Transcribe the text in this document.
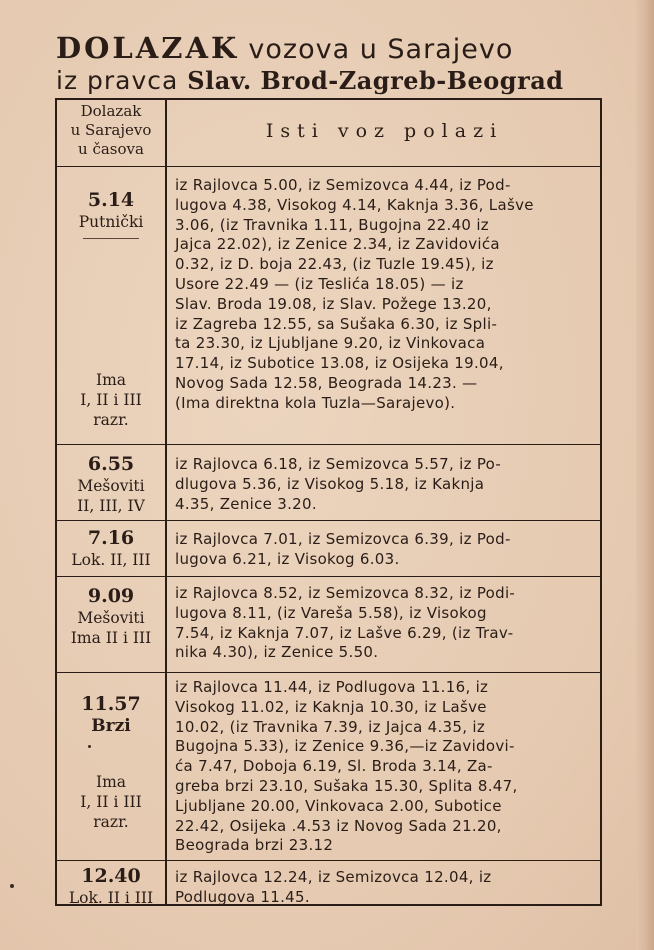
DOLAZAK vozova u Sarajevo
iz pravca Slav. Brod-Zagreb-Beograd
Dolazak
u Sarajevo
u časova
Isti voz polazi
5.14
Putnički
Ima
I, II i III
razr.
iz Rajlovca 5.00, iz Semizovca 4.44, iz Pod-
lugova 4.38, Visokog 4.14, Kaknja 3.36, Lašve
3.06, (iz Travnika 1.11, Bugojna 22.40 iz
Jajca 22.02), iz Zenice 2.34, iz Zavidovića
0.32, iz D. boja 22.43, (iz Tuzle 19.45), iz
Usore 22.49 — (iz Teslića 18.05) — iz
Slav. Broda 19.08, iz Slav. Požege 13.20,
iz Zagreba 12.55, sa Sušaka 6.30, iz Spli-
ta 23.30, iz Ljubljane 9.20, iz Vinkovaca
17.14, iz Subotice 13.08, iz Osijeka 19.04,
Novog Sada 12.58, Beograda 14.23. —
(Ima direktna kola Tuzla—Sarajevo).
6.55
Mešoviti
II, III, IV
iz Rajlovca 6.18, iz Semizovca 5.57, iz Po-
dlugova 5.36, iz Visokog 5.18, iz Kaknja
4.35, Zenice 3.20.
7.16
Lok. II, III
iz Rajlovca 7.01, iz Semizovca 6.39, iz Pod-
lugova 6.21, iz Visokog 6.03.
9.09
Mešoviti
Ima II i III
iz Rajlovca 8.52, iz Semizovca 8.32, iz Podi-
lugova 8.11, (iz Vareša 5.58), iz Visokog
7.54, iz Kaknja 7.07, iz Lašve 6.29, (iz Trav-
nika 4.30), iz Zenice 5.50.
11.57
Brzi
Ima
I, II i III
razr.
iz Rajlovca 11.44, iz Podlugova 11.16, iz
Visokog 11.02, iz Kaknja 10.30, iz Lašve
10.02, (iz Travnika 7.39, iz Jajca 4.35, iz
Bugojna 5.33), iz Zenice 9.36,—iz Zavidovi-
ća 7.47, Doboja 6.19, Sl. Broda 3.14, Za-
greba brzi 23.10, Sušaka 15.30, Splita 8.47,
Ljubljane 20.00, Vinkovaca 2.00, Subotice
22.42, Osijeka .4.53 iz Novog Sada 21.20,
Beograda brzi 23.12
12.40
Lok. II i III
iz Rajlovca 12.24, iz Semizovca 12.04, iz
Podlugova 11.45.
